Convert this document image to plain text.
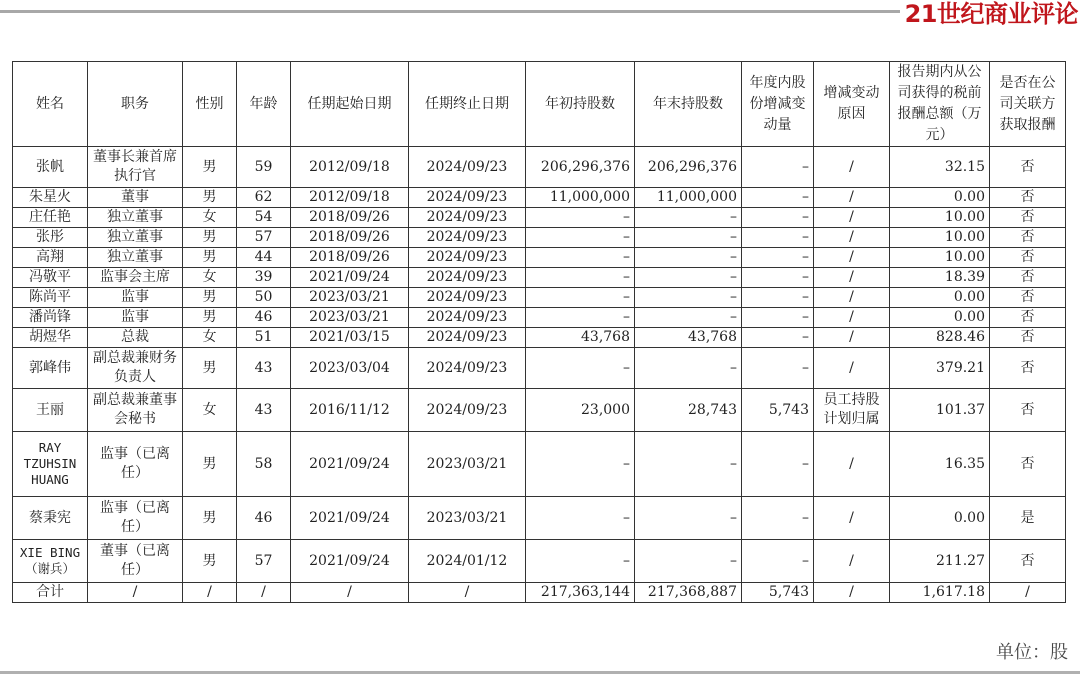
21世纪商业评论
姓名	职务	性别	年龄	任期起始日期	任期终止日期	年初持股数	年末持股数	年度内股份增减变动量	增减变动原因	报告期内从公司获得的税前报酬总额（万元）	是否在公司关联方获取报酬
张帆	董事长兼首席执行官	男	59	2012/09/18	2024/09/23	206,296,376	206,296,376	–	/	32.15	否
朱星火	董事	男	62	2012/09/18	2024/09/23	11,000,000	11,000,000	–	/	0.00	否
庄任艳	独立董事	女	54	2018/09/26	2024/09/23	–	–	–	/	10.00	否
张彤	独立董事	男	57	2018/09/26	2024/09/23	–	–	–	/	10.00	否
高翔	独立董事	男	44	2018/09/26	2024/09/23	–	–	–	/	10.00	否
冯敬平	监事会主席	女	39	2021/09/24	2024/09/23	–	–	–	/	18.39	否
陈尚平	监事	男	50	2023/03/21	2024/09/23	–	–	–	/	0.00	否
潘尚锋	监事	男	46	2023/03/21	2024/09/23	–	–	–	/	0.00	否
胡煜华	总裁	女	51	2021/03/15	2024/09/23	43,768	43,768	–	/	828.46	否
郭峰伟	副总裁兼财务负责人	男	43	2023/03/04	2024/09/23	–	–	–	/	379.21	否
王丽	副总裁兼董事会秘书	女	43	2016/11/12	2024/09/23	23,000	28,743	5,743	员工持股计划归属	101.37	否
RAY TZUHSIN HUANG	监事（已离任）	男	58	2021/09/24	2023/03/21	–	–	–	/	16.35	否
蔡秉宪	监事（已离任）	男	46	2021/09/24	2023/03/21	–	–	–	/	0.00	是
XIE BING（谢兵）	董事（已离任）	男	57	2021/09/24	2024/01/12	–	–	–	/	211.27	否
合计	/	/	/	/	/	217,363,144	217,368,887	5,743	/	1,617.18	/
单位：股
